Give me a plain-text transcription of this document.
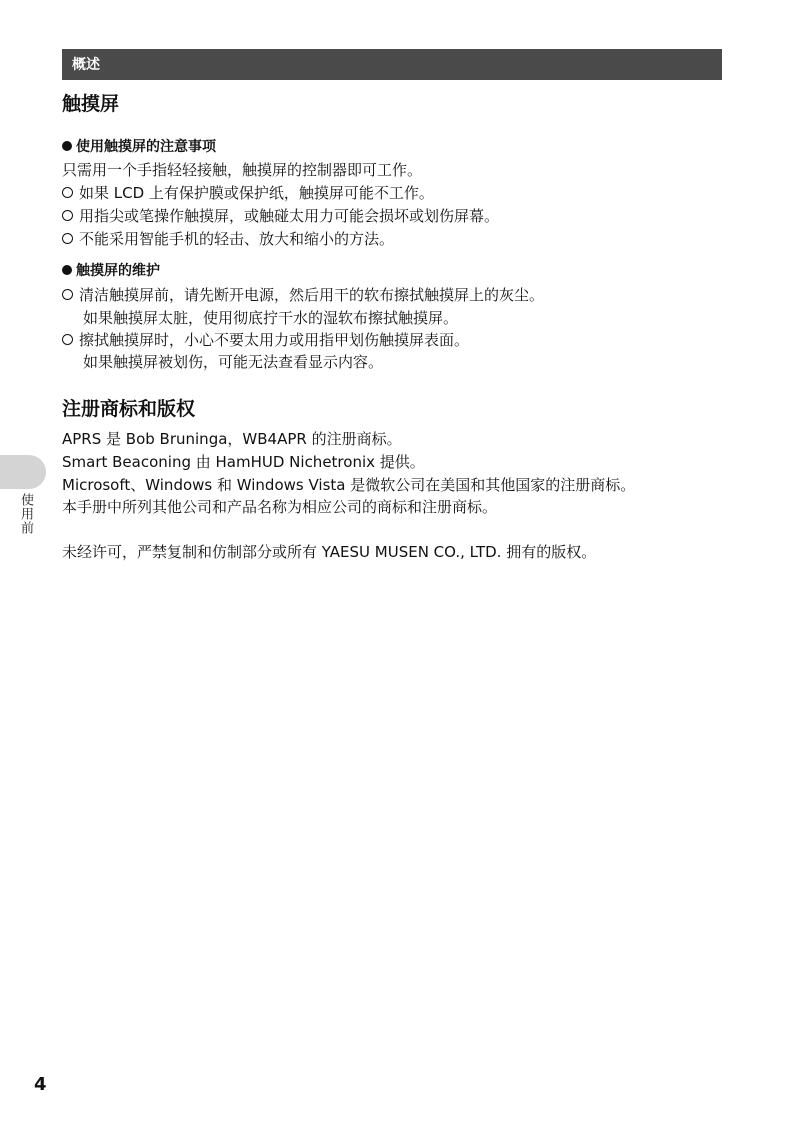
概述
触摸屏
使用触摸屏的注意事项
只需用一个手指轻轻接触，触摸屏的控制器即可工作。
如果 LCD 上有保护膜或保护纸，触摸屏可能不工作。
用指尖或笔操作触摸屏，或触碰太用力可能会损坏或划伤屏幕。
不能采用智能手机的轻击、放大和缩小的方法。
触摸屏的维护
清洁触摸屏前，请先断开电源，然后用干的软布擦拭触摸屏上的灰尘。
如果触摸屏太脏，使用彻底拧干水的湿软布擦拭触摸屏。
擦拭触摸屏时，小心不要太用力或用指甲划伤触摸屏表面。
如果触摸屏被划伤，可能无法查看显示内容。
注册商标和版权
APRS 是 Bob Bruninga，WB4APR 的注册商标。
Smart Beaconing 由 HamHUD Nichetronix 提供。
Microsoft、Windows 和 Windows Vista 是微软公司在美国和其他国家的注册商标。
本手册中所列其他公司和产品名称为相应公司的商标和注册商标。
未经许可，严禁复制和仿制部分或所有 YAESU MUSEN CO., LTD. 拥有的版权。
使用前
4
